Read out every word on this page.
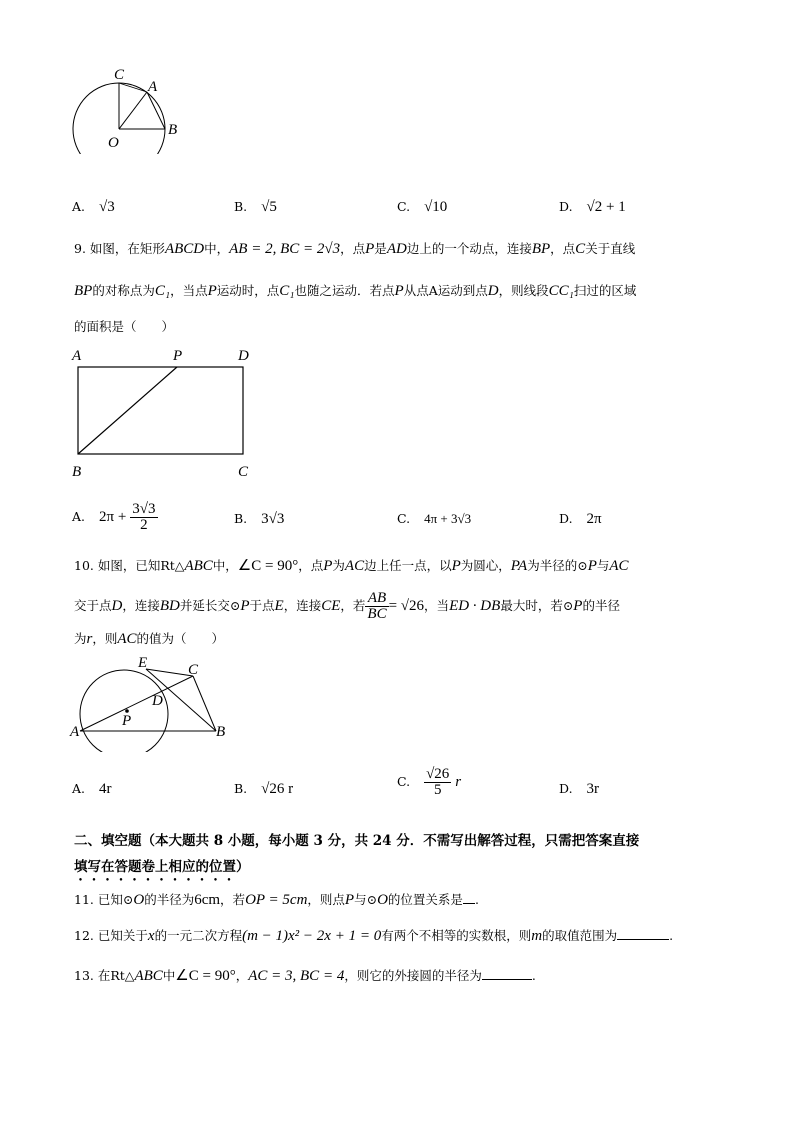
C
A
O
B
A. √3	B. √5	C. √10	D. √2 + 1
9. 如图，在矩形ABCD中，AB = 2, BC = 2√3，点P是AD边上的一个动点，连接BP，点C关于直线
BP的对称点为C₁，当点P运动时，点C₁也随之运动．若点P从点A运动到点D，则线段CC₁扫过的区域
的面积是（　　）
A	P	D
B	C
A. $2\pi + \frac{3√3}{2}$	B. 3√3	C. 4π + 3√3	D. 2π
10. 如图，已知Rt△ABC中，∠C = 90°，点P为AC边上任一点，以P为圆心，PA为半径的⊙P与AC
交于点D，连接BD并延长交⊙P于点E，连接CE，若 $\frac{AB}{BC} = √26$，当ED · DB最大时，若⊙P的半径
为r，则AC的值为（　　）
E	C
D
P
A	B
A. 4r	B. √26 r	C. $\frac{√26}{5}$ r	D. 3r
二、填空题（本大题共 8 小题，每小题 3 分，共 24 分．不需写出解答过程，只需把答案直接
填写在答题卷上相应的位置）
11. 已知⊙O的半径为6cm，若OP = 5cm，则点P与⊙O的位置关系是 .
12. 已知关于x的一元二次方程(m − 1)x² − 2x + 1 = 0有两个不相等的实数根，则m的取值范围为	.
13. 在Rt△ABC中∠C = 90°，AC = 3, BC = 4，则它的外接圆的半径为	.
